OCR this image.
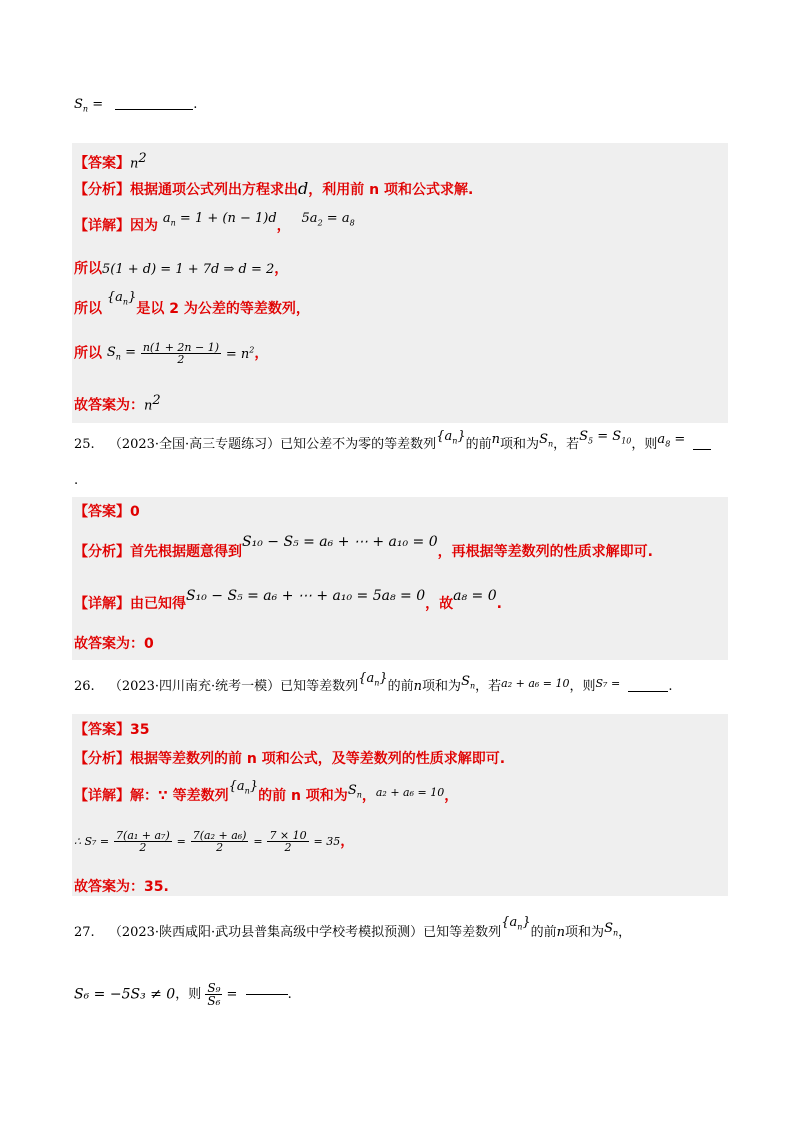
$S_n$ =	.
【答案】$n^2$
【分析】根据通项公式列出方程求出d，利用前 n 项和公式求解.
【详解】因为 $a_n = 1 + (n - 1)d$， $5a_2 = a_8$
所以5(1 + d) = 1 + 7d ⇒ d = 2，
所以 $\{a_n\}$是以 2 为公差的等差数列，
所以 $S_n = \frac{n(1 + 2n - 1)}{2} = n^2$，
故答案为：$n^2$
25. （2023·全国·高三专题练习）已知公差不为零的等差数列$\{a_n\}$的前n项和为$S_n$，若$S_5 = S_{10}$，则$a_8$ =
.
【答案】0
【分析】首先根据题意得到S₁₀ − S₅ = a₆ + ⋯ + a₁₀ = 0，再根据等差数列的性质求解即可.
【详解】由已知得S₁₀ − S₅ = a₆ + ⋯ + a₁₀ = 5a₈ = 0，故a₈ = 0.
故答案为：0
26. （2023·四川南充·统考一模）已知等差数列$\{a_n\}$的前n项和为$S_n$，若$^{a_2 + a_6 = 10}$，则$^{S_7 =}$	.
【答案】35
【分析】根据等差数列的前 n 项和公式，及等差数列的性质求解即可.
【详解】解：∵ 等差数列$\{a_n\}$的前 n 项和为$S_n$，$^{a_2 + a_6 = 10}$，
∴ $S_7 = \frac{\text{7(a₁ + a₇)}}{2} = \frac{\text{7(a₂ + a₆)}}{2} = \frac{7 \times 10}{2} = 35$，
故答案为：35.
27. （2023·陕西咸阳·武功县普集高级中学校考模拟预测）已知等差数列$\{a_n\}$的前n项和为$S_n$，
S₆ = −5S₃ ≠ 0，则 $\frac{\text{S₉}}{\text{S₆}}$ =	.
